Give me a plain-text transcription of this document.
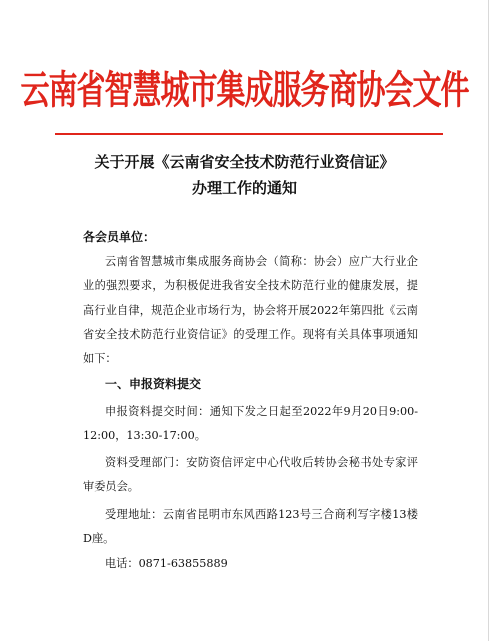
云南省智慧城市集成服务商协会文件
关于开展《云南省安全技术防范行业资信证》
办理工作的通知
各会员单位：

云南省智慧城市集成服务商协会（简称：协会）应广大行业企业的强烈要求，为积极促进我省安全技术防范行业的健康发展，提高行业自律，规范企业市场行为，协会将开展2022年第四批《云南省安全技术防范行业资信证》的受理工作。现将有关具体事项通知如下：

一、申报资料提交

申报资料提交时间：通知下发之日起至2022年9月20日9:00-12:00，13:30-17:00。

资料受理部门：安防资信评定中心代收后转协会秘书处专家评审委员会。

受理地址：云南省昆明市东风西路123号三合商利写字楼13楼D座。

电话：0871-63855889
